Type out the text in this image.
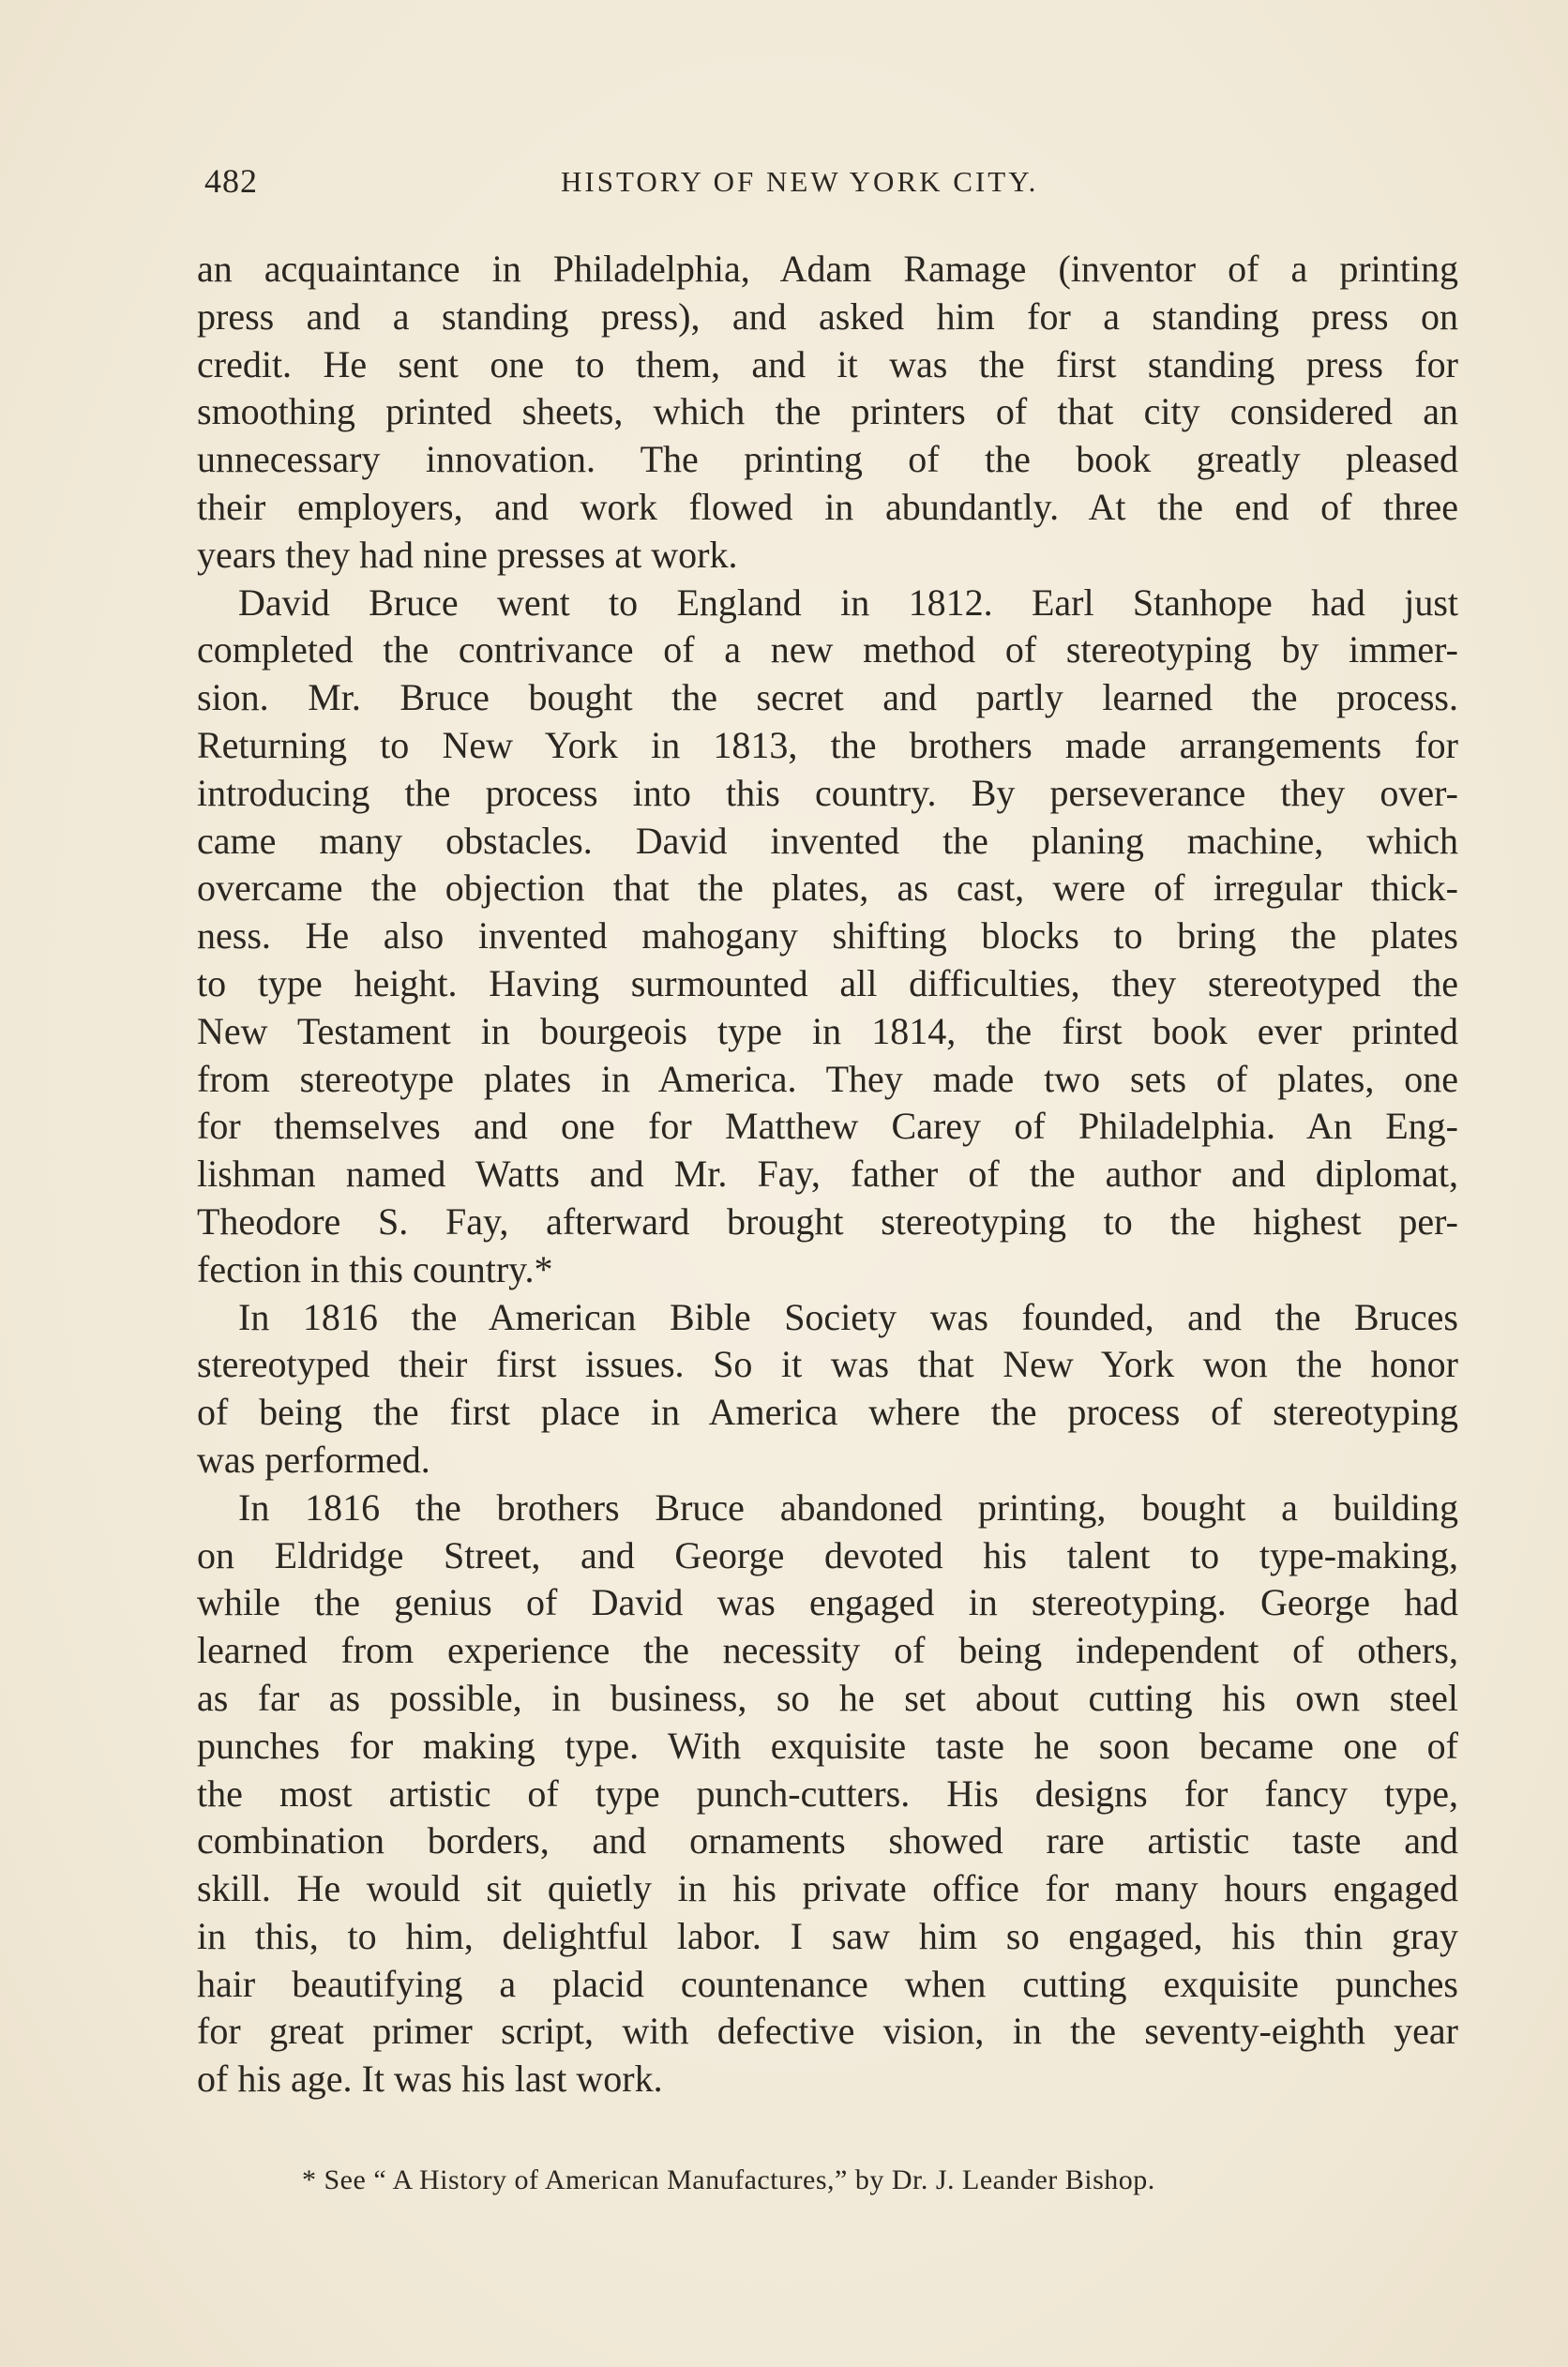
482	HISTORY OF NEW YORK CITY.
an acquaintance in Philadelphia, Adam Ramage (inventor of a printing
press and a standing press), and asked him for a standing press on
credit. He sent one to them, and it was the first standing press for
smoothing printed sheets, which the printers of that city considered an
unnecessary innovation. The printing of the book greatly pleased
their employers, and work flowed in abundantly. At the end of three
years they had nine presses at work.
David Bruce went to England in 1812. Earl Stanhope had just
completed the contrivance of a new method of stereotyping by immer-
sion. Mr. Bruce bought the secret and partly learned the process.
Returning to New York in 1813, the brothers made arrangements for
introducing the process into this country. By perseverance they over-
came many obstacles. David invented the planing machine, which
overcame the objection that the plates, as cast, were of irregular thick-
ness. He also invented mahogany shifting blocks to bring the plates
to type height. Having surmounted all difficulties, they stereotyped the
New Testament in bourgeois type in 1814, the first book ever printed
from stereotype plates in America. They made two sets of plates, one
for themselves and one for Matthew Carey of Philadelphia. An Eng-
lishman named Watts and Mr. Fay, father of the author and diplomat,
Theodore S. Fay, afterward brought stereotyping to the highest per-
fection in this country.*
In 1816 the American Bible Society was founded, and the Bruces
stereotyped their first issues. So it was that New York won the honor
of being the first place in America where the process of stereotyping
was performed.
In 1816 the brothers Bruce abandoned printing, bought a building
on Eldridge Street, and George devoted his talent to type-making,
while the genius of David was engaged in stereotyping. George had
learned from experience the necessity of being independent of others,
as far as possible, in business, so he set about cutting his own steel
punches for making type. With exquisite taste he soon became one of
the most artistic of type punch-cutters. His designs for fancy type,
combination borders, and ornaments showed rare artistic taste and
skill. He would sit quietly in his private office for many hours engaged
in this, to him, delightful labor. I saw him so engaged, his thin gray
hair beautifying a placid countenance when cutting exquisite punches
for great primer script, with defective vision, in the seventy-eighth year
of his age. It was his last work.
* See “ A History of American Manufactures,” by Dr. J. Leander Bishop.
